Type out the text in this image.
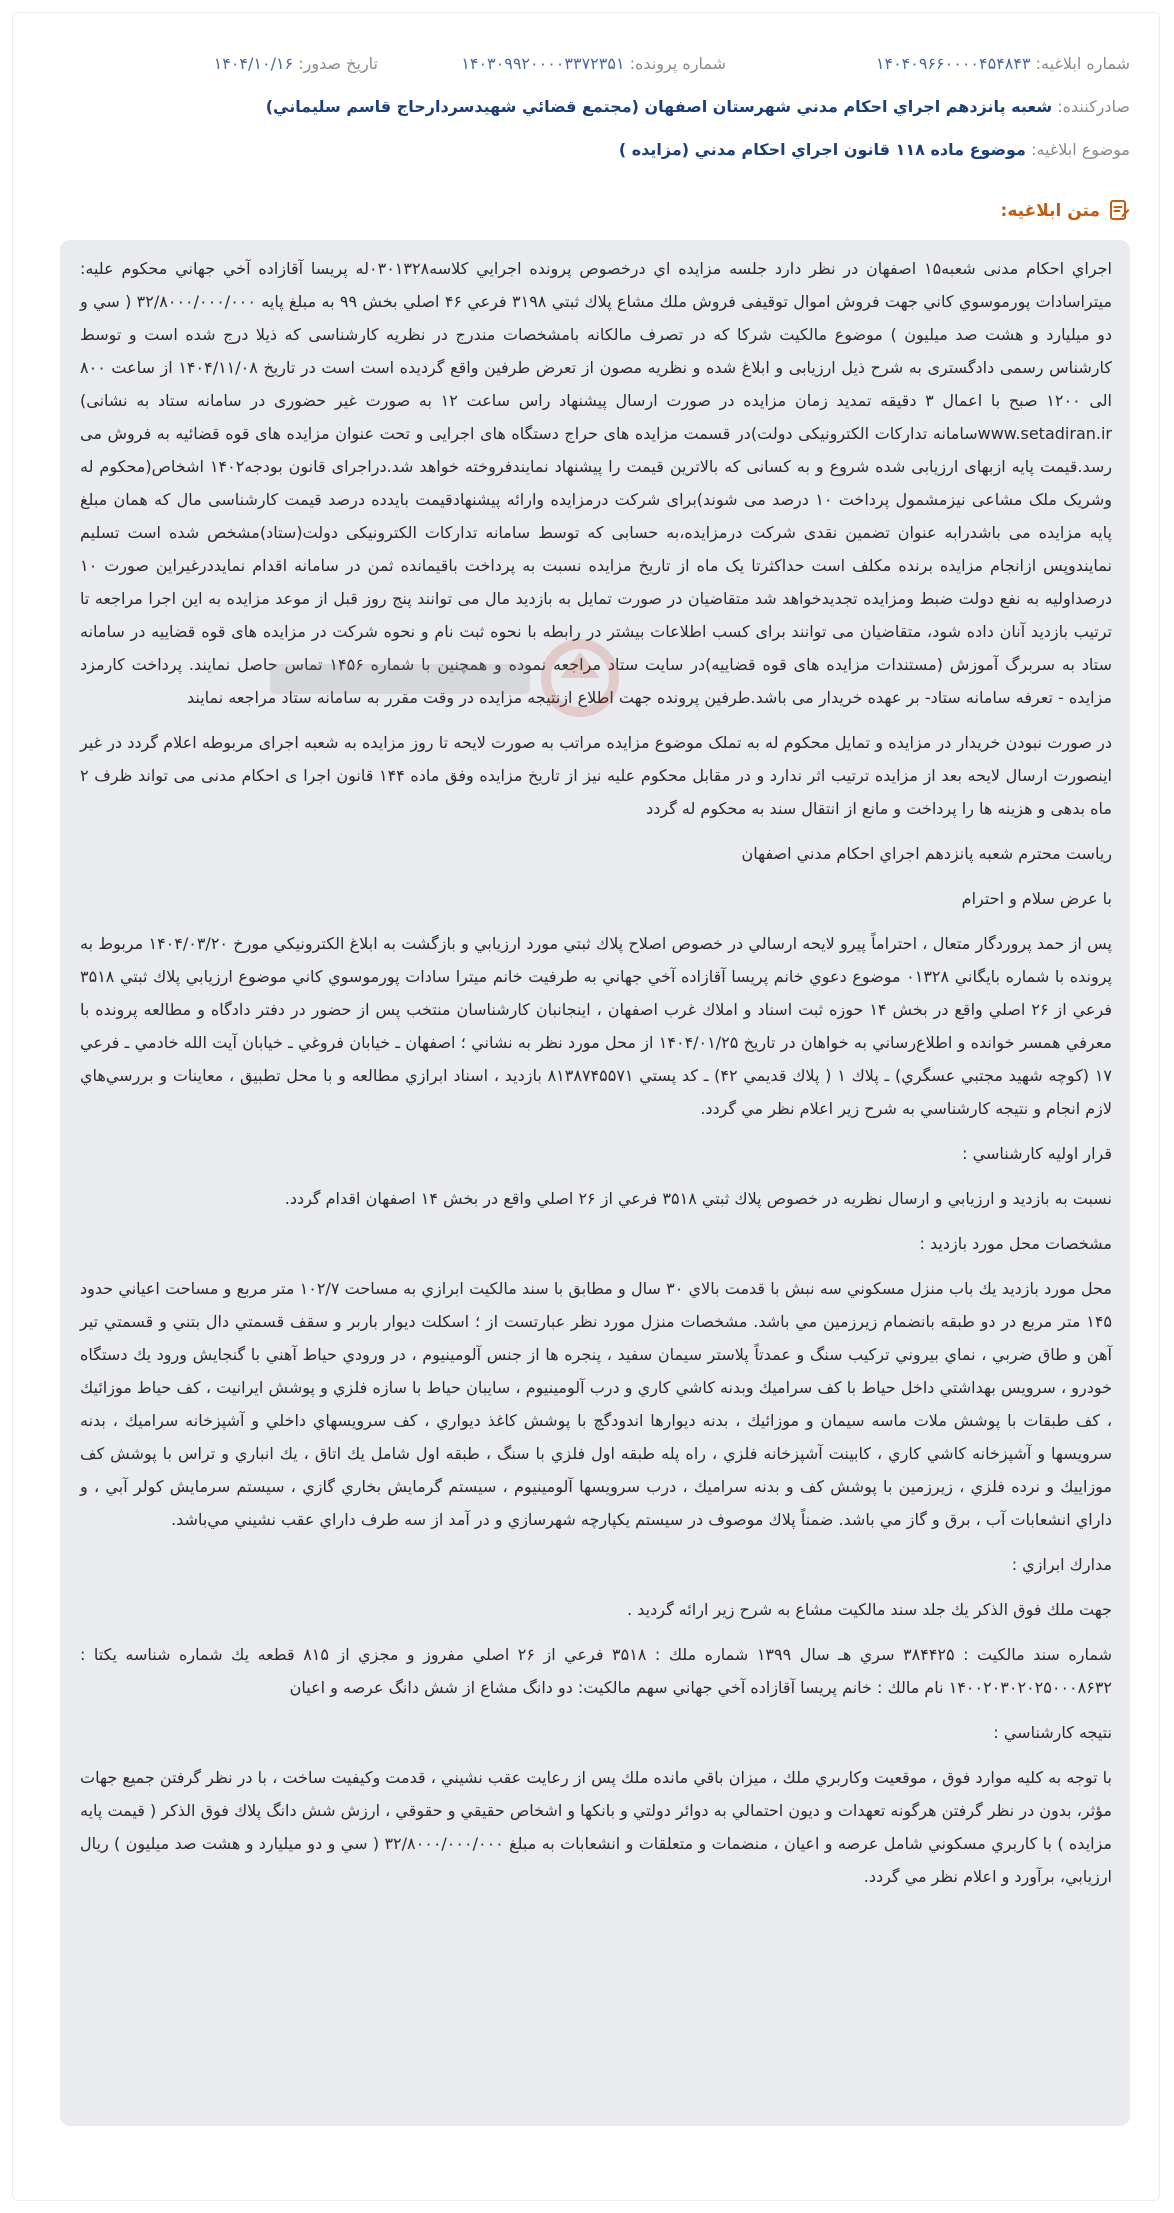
شماره ابلاغيه: ۱۴۰۴۰۹۶۶۰۰۰۰۴۵۴۸۴۳
شماره پرونده: ۱۴۰۳۰۹۹۲۰۰۰۰۳۳۷۲۳۵۱
تاريخ صدور: ۱۴۰۴/۱۰/۱۶
صادرکننده: شعبه پانزدهم اجراي احكام مدني شهرستان اصفهان (مجتمع قضائي شهيدسردارحاج قاسم سليماني)
موضوع ابلاغيه: موضوع ماده ۱۱۸ قانون اجراي احكام مدني (مزايده )
متن ابلاغيه:

اجراي احكام مدنی شعبه۱۵ اصفهان در نظر دارد جلسه مزايده اي درخصوص پرونده اجرايي كلاسه۰۳۰۱۳۲۸له پريسا آقازاده آخي جهاني محكوم عليه: ميتراسادات پورموسوي كاني جهت فروش اموال توقيفی فروش ملك مشاع پلاك ثبتي ۳۱۹۸ فرعي ۴۶ اصلي بخش ۹۹ به مبلغ پايه ۳۲/۸۰۰۰/۰۰۰/۰۰۰ ( سي و دو ميليارد و هشت صد ميليون ) موضوع مالكيت شركا كه در تصرف مالكانه بامشخصات مندرج در نظريه كارشناسی كه ذيلا درج شده است و توسط كارشناس رسمی دادگستری به شرح ذيل ارزيابی و ابلاغ شده و نظريه مصون از تعرض طرفين واقع گرديده است است در تاريخ ۱۴۰۴/۱۱/۰۸ از ساعت ۸۰۰ الی ۱۲۰۰ صبح با اعمال ۳ دقيقه تمديد زمان مزايده در صورت ارسال پيشنهاد راس ساعت ۱۲ به صورت غير حضوری در سامانه ستاد به نشانی) www.setadiran.irسامانه تداركات الكترونيكی دولت)در قسمت مزايده های حراج دستگاه های اجرايی و تحت عنوان مزايده های قوه قضائيه به فروش می رسد.قيمت پايه ازبهای ارزيابی شده شروع و به كسانی كه بالاترين قيمت را پيشنهاد نمايندفروخته خواهد شد.دراجرای قانون بودجه۱۴۰۲ اشخاص(محكوم له وشريک ملک مشاعی نيزمشمول پرداخت ۱۰ درصد می شوند)برای شركت درمزايده وارائه پيشنهادقيمت بايدده درصد قيمت كارشناسی مال كه همان مبلغ پايه مزايده می باشدرابه عنوان تضمين نقدی شركت درمزايده،به حسابی كه توسط سامانه تداركات الكترونيكی دولت(ستاد)مشخص شده است تسليم نمايندوپس ازانجام مزايده برنده مكلف است حداكثرتا يک ماه از تاريخ مزايده نسبت به پرداخت باقيمانده ثمن در سامانه اقدام نمايددرغيراين صورت ۱۰ درصداوليه به نفع دولت ضبط ومزايده تجديدخواهد شد متقاضيان در صورت تمايل به بازديد مال می توانند پنج روز قبل از موعد مزايده به اين اجرا مراجعه تا ترتيب بازديد آنان داده شود، متقاضيان می توانند برای كسب اطلاعات بيشتر در رابطه با نحوه ثبت نام و نحوه شركت در مزايده های قوه قضاييه در سامانه ستاد به سربرگ آموزش (مستندات مزايده های قوه قضاييه)در سايت ستاد مراجعه نموده و همچنين با شماره ۱۴۵۶ تماس حاصل نمايند. پرداخت كارمزد مزايده - تعرفه سامانه ستاد- بر عهده خريدار می باشد.طرفين پرونده جهت اطلاع ازنتيجه مزايده در وقت مقرر به سامانه ستاد مراجعه نمايند

در صورت نبودن خريدار در مزايده و تمايل محكوم له به تملک موضوع مزايده مراتب به صورت لايحه تا روز مزايده به شعبه اجرای مربوطه اعلام گردد در غير اينصورت ارسال لايحه بعد از مزايده ترتيب اثر ندارد و در مقابل محكوم عليه نيز از تاريخ مزايده وفق ماده ۱۴۴ قانون اجرا ی احكام مدنی می تواند ظرف ۲ ماه بدهی و هزينه ها را پرداخت و مانع از انتقال سند به محكوم له گردد

رياست محترم شعبه پانزدهم اجراي احكام مدني اصفهان

با عرض سلام و احترام

پس از حمد پروردگار متعال ، احتراماً پيرو لايحه ارسالي در خصوص اصلاح پلاك ثبتي مورد ارزيابي و بازگشت به ابلاغ الكترونيكي مورخ ۱۴۰۴/۰۳/۲۰ مربوط به پرونده با شماره بايگاني ۰۱۳۲۸ موضوع دعوي خانم پريسا آقازاده آخي جهاني به طرفيت خانم ميترا سادات پورموسوي كاني موضوع ارزيابي پلاك ثبتي ۳۵۱۸ فرعي از ۲۶ اصلي واقع در بخش ۱۴ حوزه ثبت اسناد و املاك غرب اصفهان ، اينجانبان كارشناسان منتخب پس از حضور در دفتر دادگاه و مطالعه پرونده با معرفي همسر خوانده و اطلاع‌رساني به خواهان در تاريخ ۱۴۰۴/۰۱/۲۵ از محل مورد نظر به نشاني ؛ اصفهان ـ خيابان فروغي ـ خيابان آيت الله خادمي ـ فرعي ۱۷ (كوچه شهيد مجتبي عسگري) ـ پلاك ۱ ( پلاك قديمي ۴۲) ـ كد پستي ۸۱۳۸۷۴۵۵۷۱ بازديد ، اسناد ابرازي مطالعه و با محل تطبيق ، معاينات و بررسي‌هاي لازم انجام و نتيجه كارشناسي به شرح زير اعلام نظر مي گردد.

قرار اوليه كارشناسي :

نسبت به بازديد و ارزيابي و ارسال نظريه در خصوص پلاك ثبتي ۳۵۱۸ فرعي از ۲۶ اصلي واقع در بخش ۱۴ اصفهان اقدام گردد.

مشخصات محل مورد بازديد :

محل مورد بازديد يك باب منزل مسكوني سه نبش با قدمت بالاي ۳۰ سال و مطابق با سند مالكيت ابرازي به مساحت ۱۰۲/۷ متر مربع و مساحت اعياني حدود ۱۴۵ متر مربع در دو طبقه بانضمام زيرزمين مي باشد. مشخصات منزل مورد نظر عبارتست از ؛ اسكلت ديوار باربر و سقف قسمتي دال بتني و قسمتي تير آهن و طاق ضربي ، نماي بيروني تركيب سنگ و عمدتاً پلاستر سيمان سفيد ، پنجره ها از جنس آلومينيوم ، در ورودي حياط آهني با گنجايش ورود يك دستگاه خودرو ، سرويس بهداشتي داخل حياط با كف سراميك وبدنه كاشي كاري و درب آلومينيوم ، سايبان حياط با سازه فلزي و پوشش ايرانيت ، كف حياط موزائيك ، كف طبقات با پوشش ملات ماسه سيمان و موزائيك ، بدنه ديوارها اندودگچ با پوشش كاغذ ديواري ، كف سرويسهاي داخلي و آشپزخانه سراميك ، بدنه سرويسها و آشپزخانه كاشي كاري ، كابينت آشپزخانه فلزي ، راه پله طبقه اول فلزي با سنگ ، طبقه اول شامل يك اتاق ، يك انباري و تراس با پوشش كف موزاييك و نرده فلزي ، زيرزمين با پوشش كف و بدنه سراميك ، درب سرويسها آلومينيوم ، سيستم گرمايش بخاري گازي ، سيستم سرمايش كولر آبي ، و داراي انشعابات آب ، برق و گاز مي باشد. ضمناً پلاك موصوف در سيستم يكپارچه شهرسازي و در آمد از سه طرف داراي عقب نشيني مي‌باشد.

مدارك ابرازي :

جهت ملك فوق الذكر يك جلد سند مالكيت مشاع به شرح زير ارائه گرديد .

شماره سند مالكيت : ۳۸۴۴۲۵ سري هـ سال ۱۳۹۹ شماره ملك : ۳۵۱۸ فرعي از ۲۶ اصلي مفروز و مجزي از ۸۱۵ قطعه يك شماره شناسه يكتا : ۱۴۰۰۲۰۳۰۲۰۲۵۰۰۰۸۶۳۲ نام مالك : خانم پريسا آقازاده آخي جهاني سهم مالكيت: دو دانگ مشاع از شش دانگ عرصه و اعيان

نتيجه كارشناسي :

با توجه به كليه موارد فوق ، موقعيت وكاربري ملك ، ميزان باقي مانده ملك پس از رعايت عقب نشيني ، قدمت وكيفيت ساخت ، با در نظر گرفتن جميع جهات مؤثر، بدون در نظر گرفتن هرگونه تعهدات و ديون احتمالي به دوائر دولتي و بانكها و اشخاص حقيقي و حقوقي ، ارزش شش دانگ پلاك فوق الذكر ( قيمت پايه مزايده ) با كاربري مسكوني شامل عرصه و اعيان ، منضمات و متعلقات و انشعابات به مبلغ ۳۲/۸۰۰۰/۰۰۰/۰۰۰ ( سي و دو ميليارد و هشت صد ميليون ) ريال ارزيابي، برآورد و اعلام نظر مي گردد.
